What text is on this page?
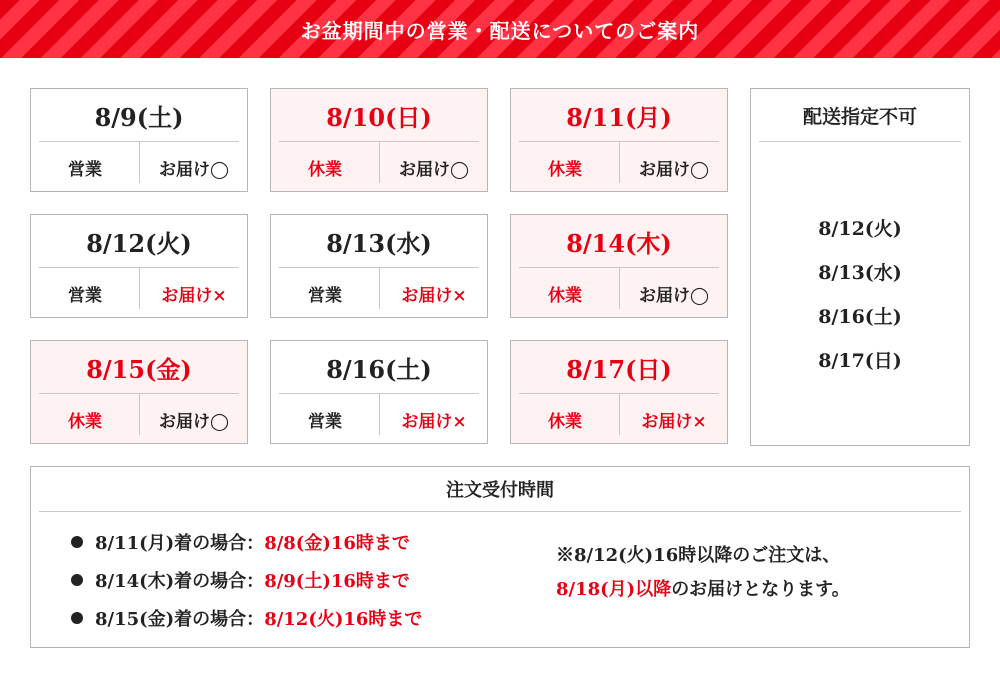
お盆期間中の営業・配送についてのご案内
8/9(土)
営業	お届け◯
8/10(日)
休業	お届け◯
8/11(月)
休業	お届け◯
8/12(火)
営業	お届け×
8/13(水)
営業	お届け×
8/14(木)
休業	お届け◯
8/15(金)
休業	お届け◯
8/16(土)
営業	お届け×
8/17(日)
休業	お届け×
配送指定不可
8/12(火)
8/13(水)
8/16(土)
8/17(日)
注文受付時間
8/11(月)着の場合： 8/8(金)16時まで
8/14(木)着の場合： 8/9(土)16時まで
8/15(金)着の場合： 8/12(火)16時まで
※8/12(火)16時以降のご注文は、
8/18(月)以降のお届けとなります。
